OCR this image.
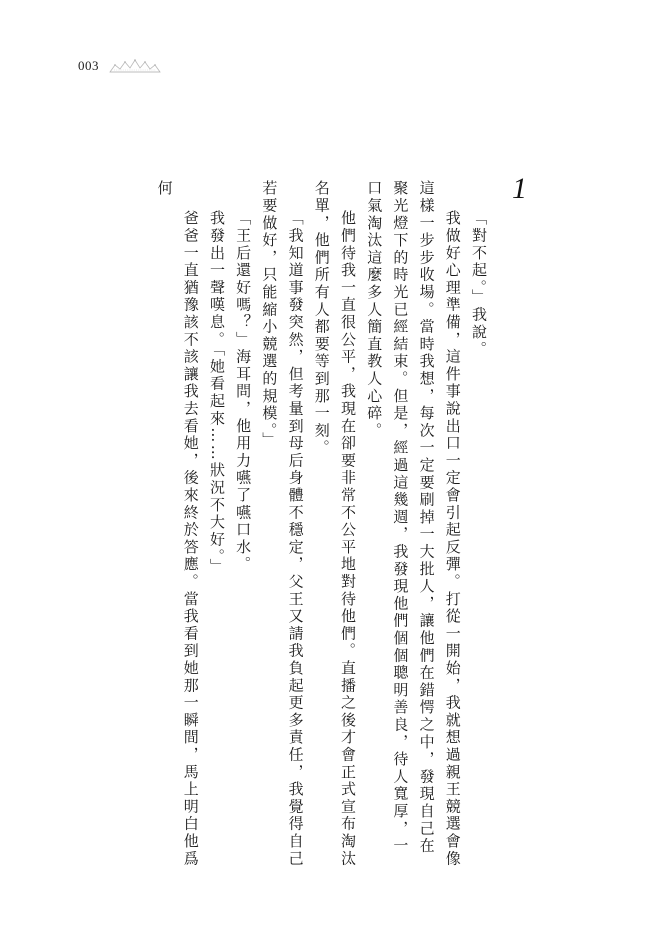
003
1

「對不起。」我說。

我做好心理準備，這件事說出口一定會引起反彈。打從一開始，我就想過親王競選會像這樣一步步收場。當時我想，每次一定要刷掉一大批人，讓他們在錯愕之中，發現自己在聚光燈下的時光已經結束。但是，經過這幾週，我發現他們個個聰明善良，待人寬厚，一口氣淘汰這麼多人簡直教人心碎。

他們待我一直很公平，我現在卻要非常不公平地對待他們。直播之後才會正式宣布淘汰名單，他們所有人都要等到那一刻。

「我知道事發突然，但考量到母后身體不穩定，父王又請我負起更多責任，我覺得自己若要做好，只能縮小競選的規模。」

「王后還好嗎？」海耳問，他用力嚥了嚥口水。

我發出一聲嘆息。「她看起來……狀況不大好。」

爸爸一直猶豫該不該讓我去看她，後來終於答應。當我看到她那一瞬間，馬上明白他爲何
